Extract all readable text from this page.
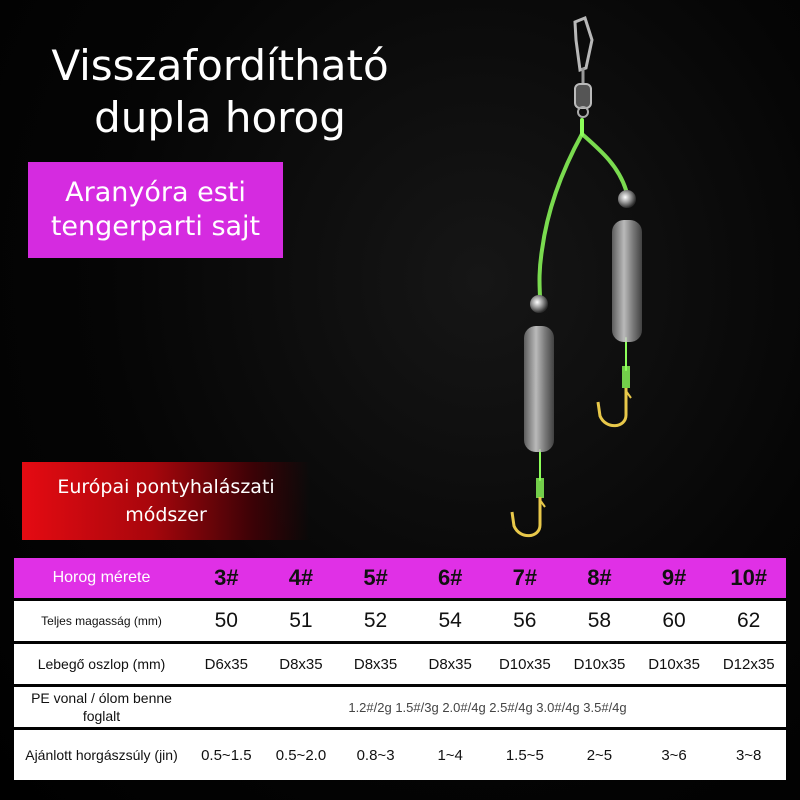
Visszafordítható
dupla horog
Aranyóra esti
tengerparti sajt
Európai pontyhalászati
módszer
Horog mérete	3#	4#	5#	6#	7#	8#	9#	10#
Teljes magasság (mm)	50	51	52	54	56	58	60	62
Lebegő oszlop (mm)	D6x35	D8x35	D8x35	D8x35	D10x35	D10x35	D10x35	D12x35
PE vonal / ólom benne foglalt	1.2#/2g 1.5#/3g 2.0#/4g 2.5#/4g 3.0#/4g 3.5#/4g							
Ajánlott horgászsúly (jin)	0.5~1.5	0.5~2.0	0.8~3	1~4	1.5~5	2~5	3~6	3~8
